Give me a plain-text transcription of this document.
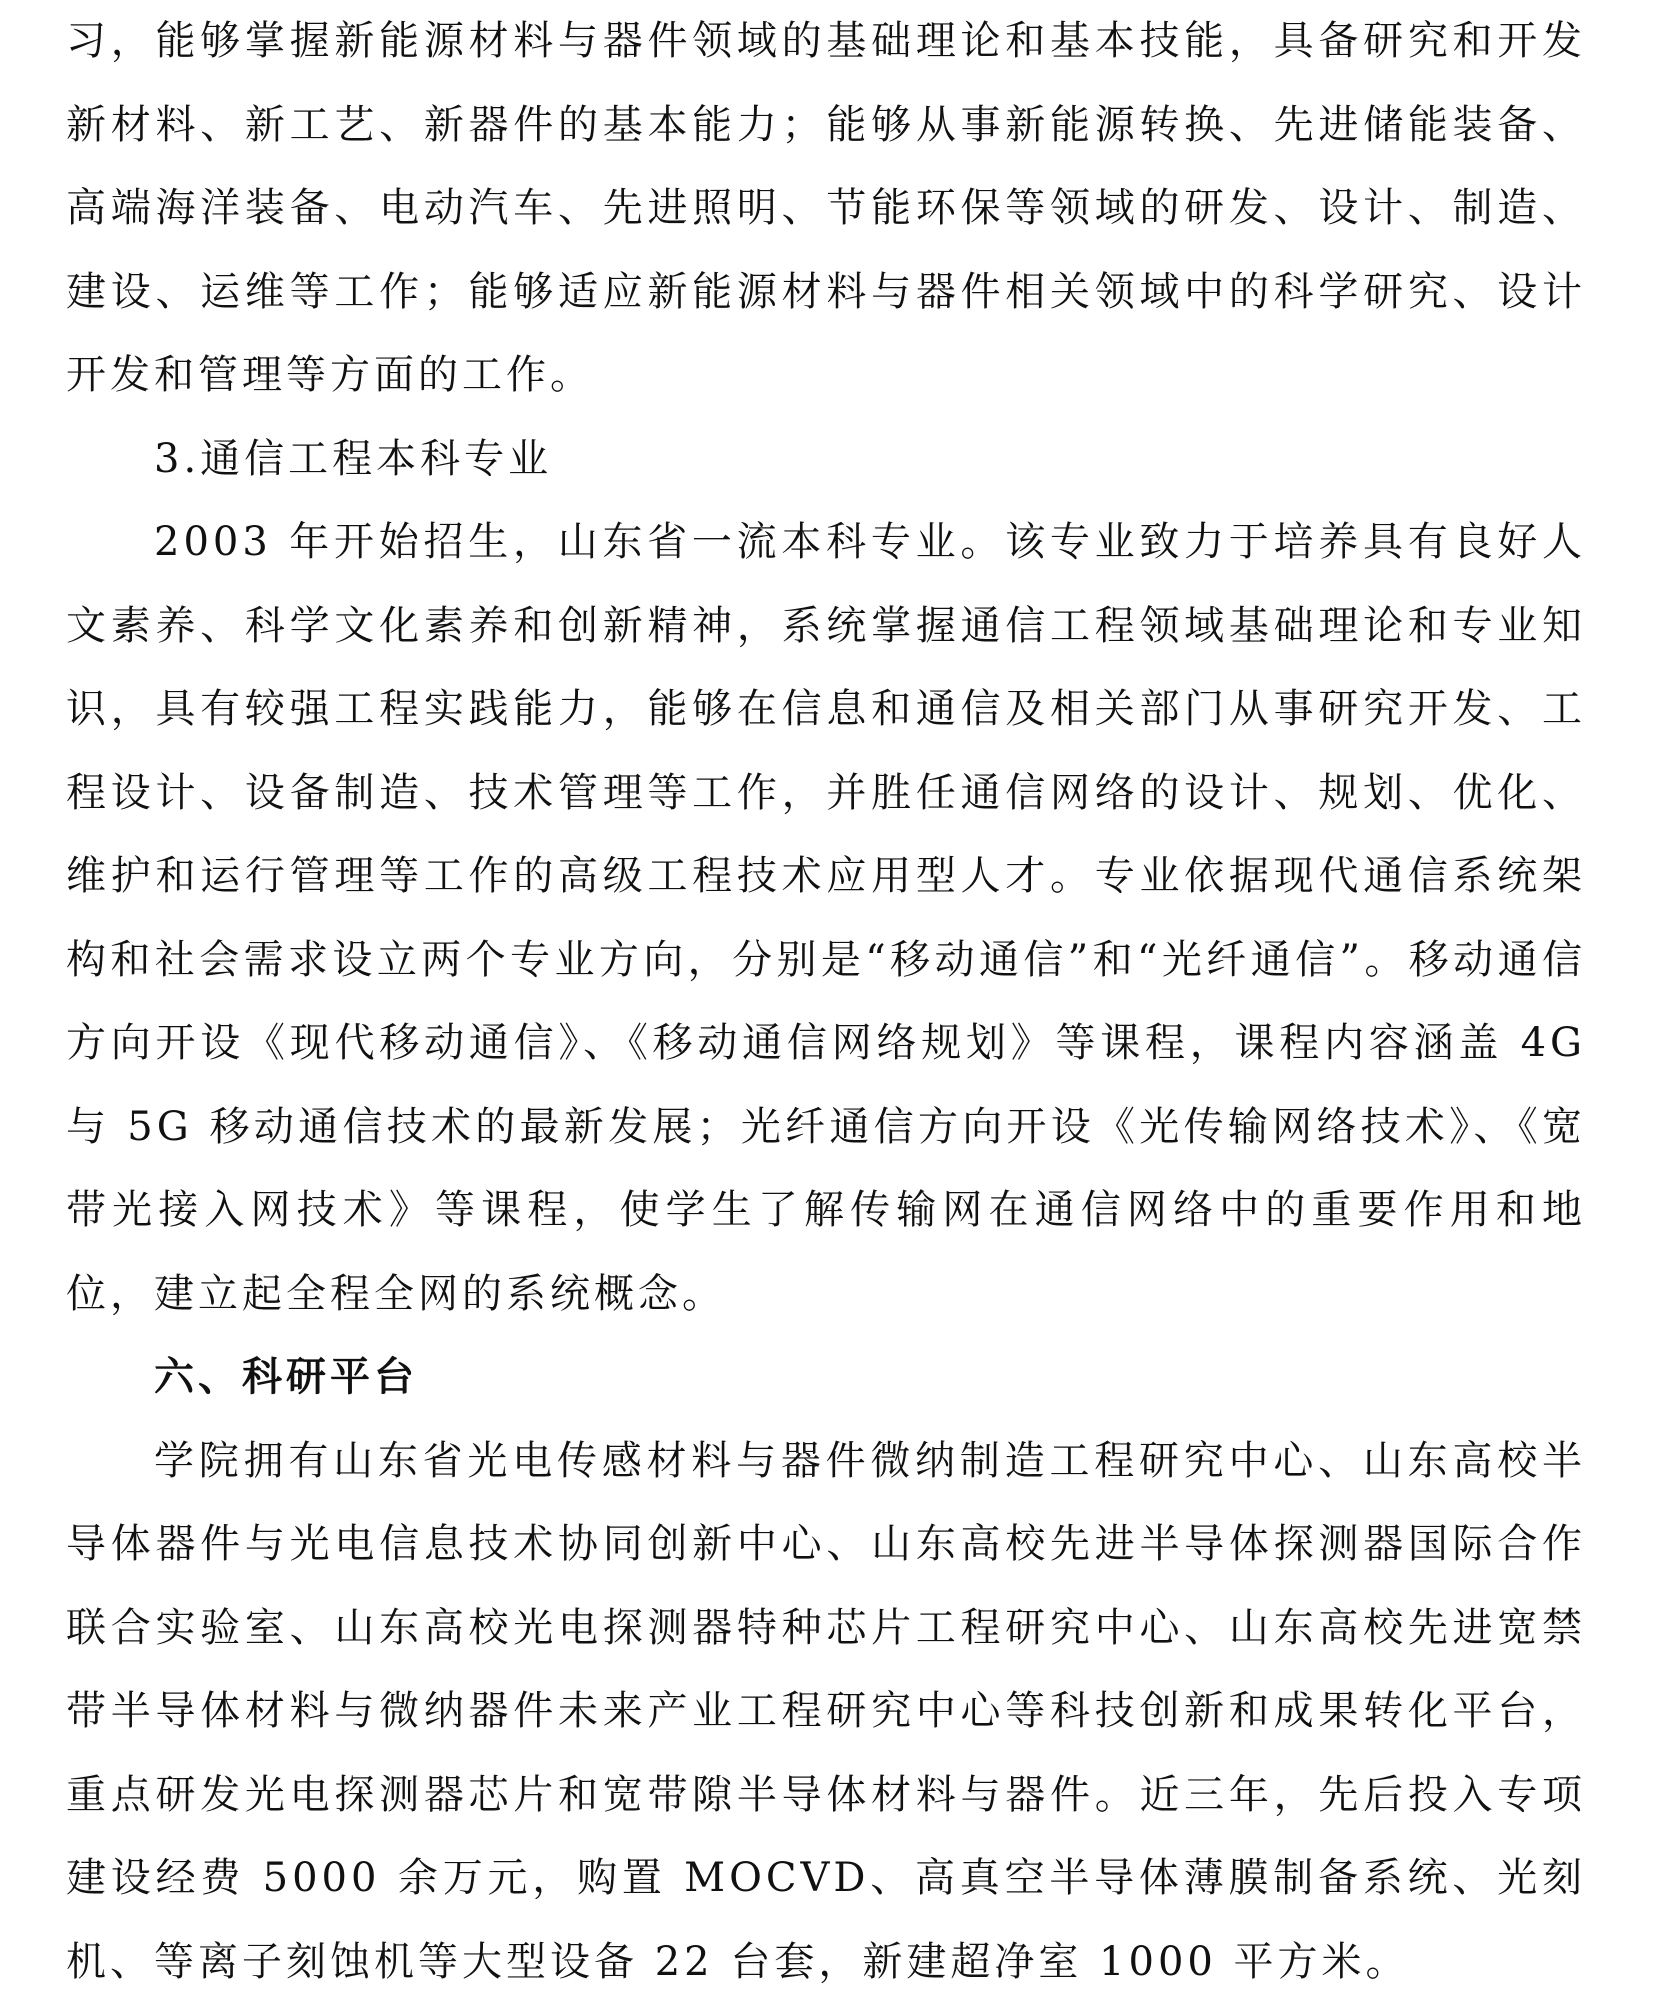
习，能够掌握新能源材料与器件领域的基础理论和基本技能，具备研究和开发新材料、新工艺、新器件的基本能力；能够从事新能源转换、先进储能装备、高端海洋装备、电动汽车、先进照明、节能环保等领域的研发、设计、制造、建设、运维等工作；能够适应新能源材料与器件相关领域中的科学研究、设计开发和管理等方面的工作。

3.通信工程本科专业

2003 年开始招生，山东省一流本科专业。该专业致力于培养具有良好人文素养、科学文化素养和创新精神，系统掌握通信工程领域基础理论和专业知识，具有较强工程实践能力，能够在信息和通信及相关部门从事研究开发、工程设计、设备制造、技术管理等工作，并胜任通信网络的设计、规划、优化、维护和运行管理等工作的高级工程技术应用型人才。专业依据现代通信系统架构和社会需求设立两个专业方向，分别是“移动通信”和“光纤通信”。移动通信方向开设《现代移动通信》、《移动通信网络规划》等课程，课程内容涵盖 4G 与 5G 移动通信技术的最新发展；光纤通信方向开设《光传输网络技术》、《宽带光接入网技术》等课程，使学生了解传输网在通信网络中的重要作用和地位，建立起全程全网的系统概念。

六、科研平台

学院拥有山东省光电传感材料与器件微纳制造工程研究中心、山东高校半导体器件与光电信息技术协同创新中心、山东高校先进半导体探测器国际合作联合实验室、山东高校光电探测器特种芯片工程研究中心、山东高校先进宽禁带半导体材料与微纳器件未来产业工程研究中心等科技创新和成果转化平台，重点研发光电探测器芯片和宽带隙半导体材料与器件。近三年，先后投入专项建设经费 5000 余万元，购置 MOCVD、高真空半导体薄膜制备系统、光刻机、等离子刻蚀机等大型设备 22 台套，新建超净室 1000 平方米。
